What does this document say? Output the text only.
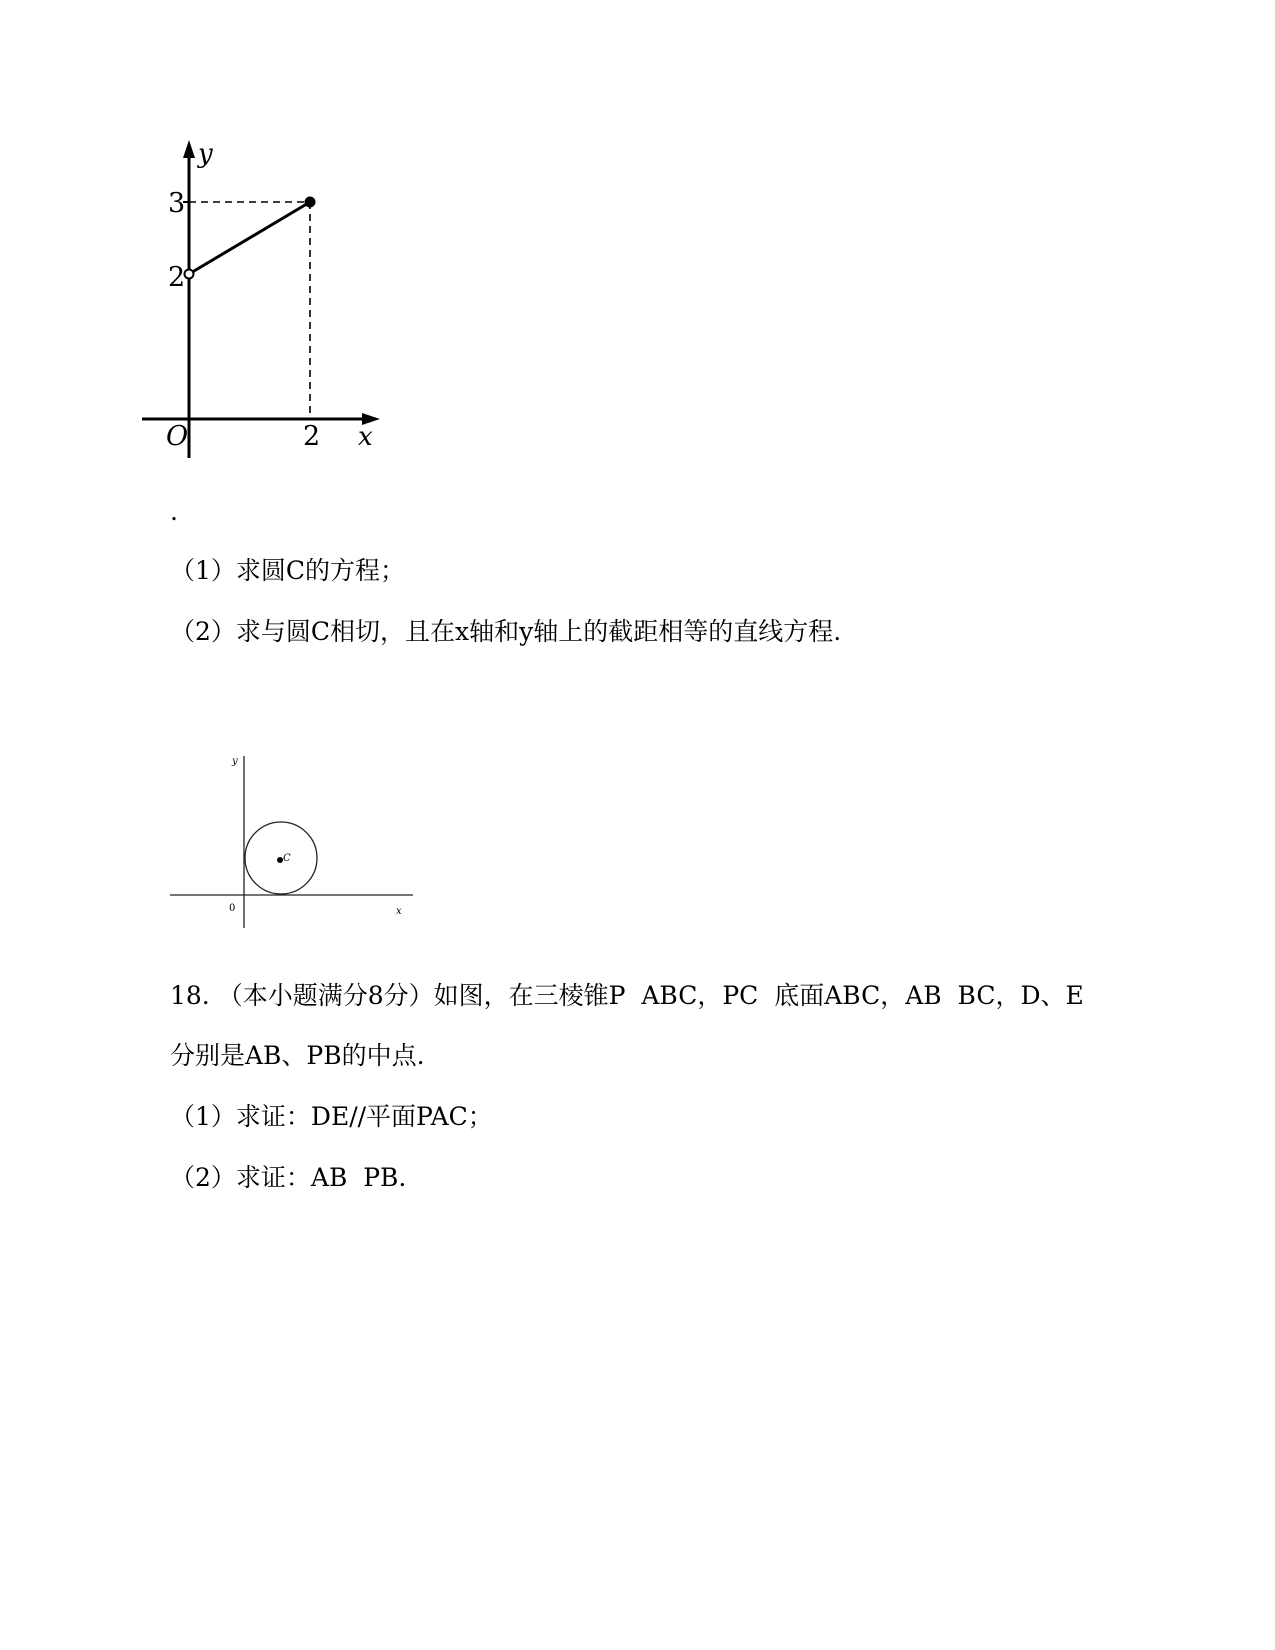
y
3
2
O	2 x
.
（1）求圆C的方程；
（2）求与圆C相切，且在x轴和y轴上的截距相等的直线方程.
C
y
0	x
18. （本小题满分8分）如图，在三棱锥P  ABC，PC  底面ABC，AB  BC，D、E
分别是AB、PB的中点.
（1）求证：DE//平面PAC；
（2）求证：AB  PB.
